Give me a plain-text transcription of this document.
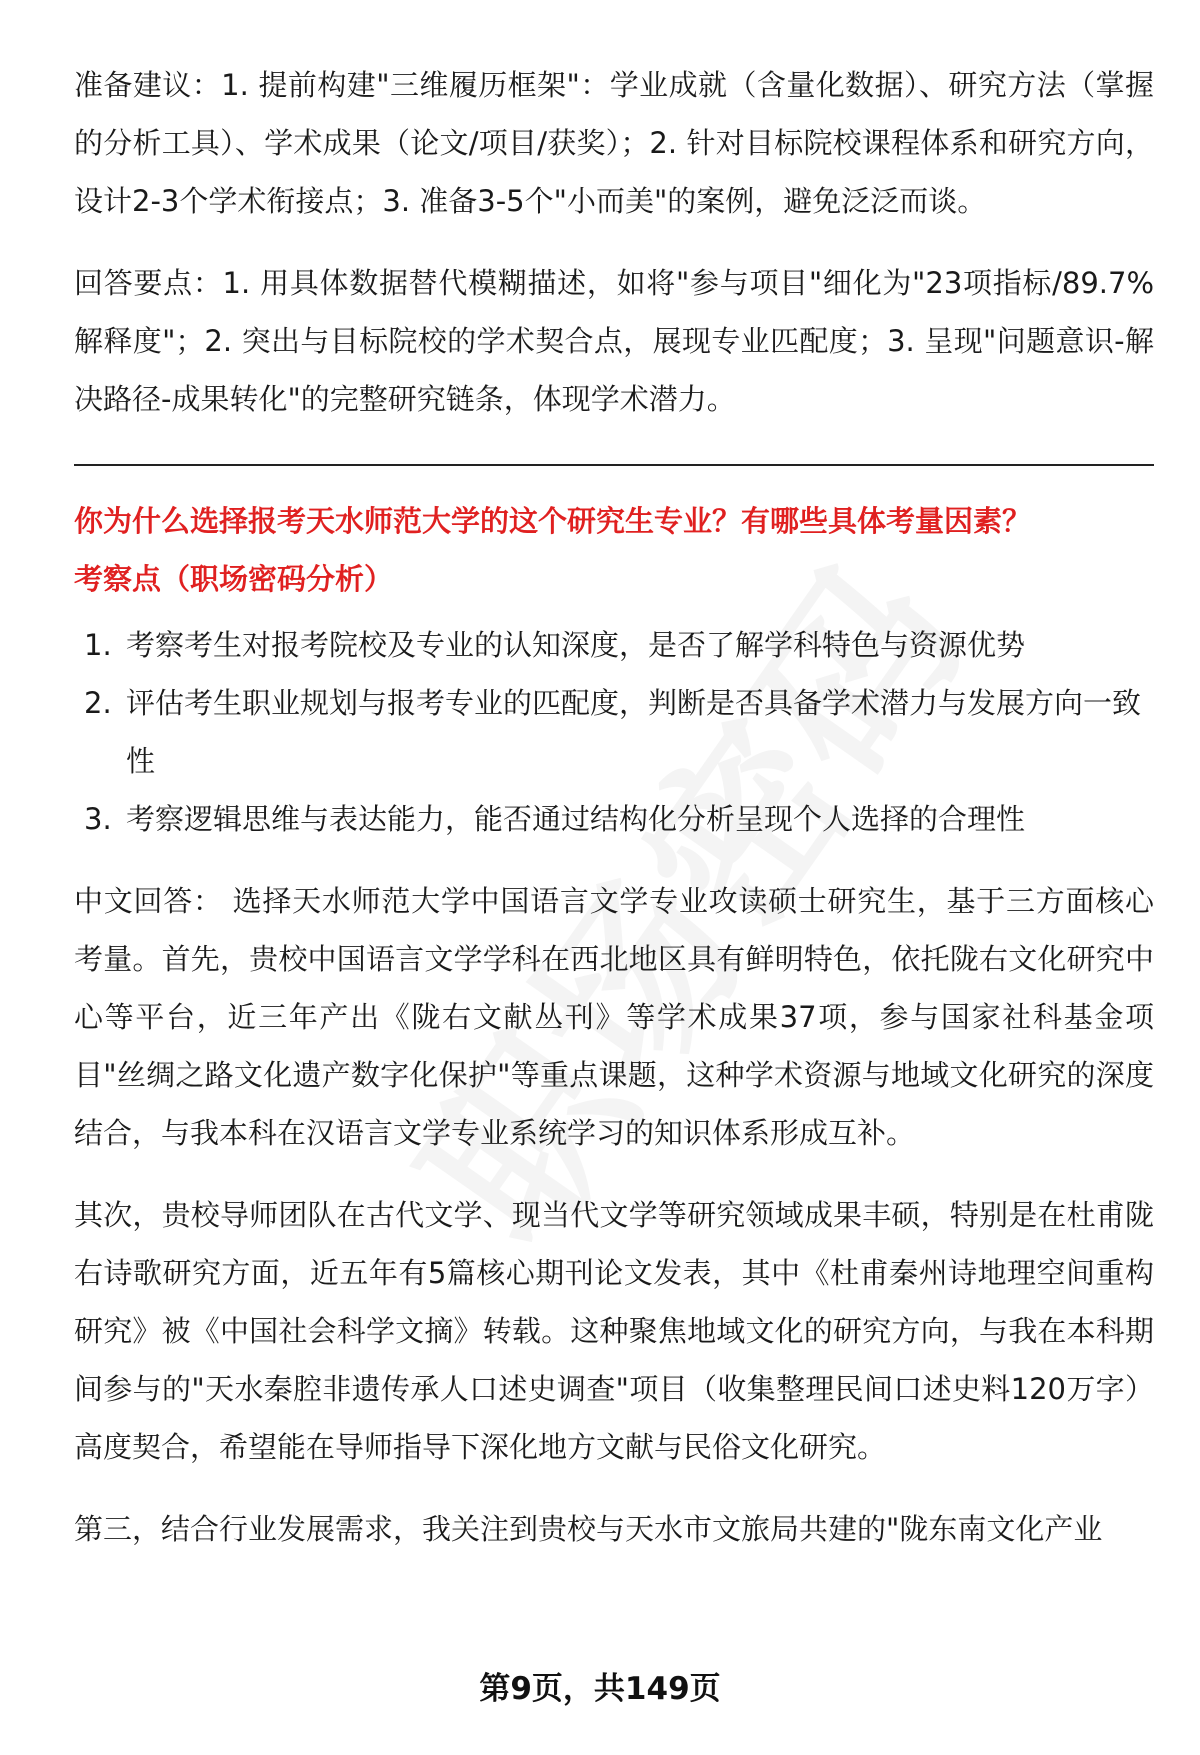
准备建议：1. 提前构建"三维履历框架"：学业成就（含量化数据）、研究方法（掌握的分析工具）、学术成果（论文/项目/获奖）；2. 针对目标院校课程体系和研究方向，设计2-3个学术衔接点；3. 准备3-5个"小而美"的案例，避免泛泛而谈。

回答要点：1. 用具体数据替代模糊描述，如将"参与项目"细化为"23项指标/89.7%解释度"；2. 突出与目标院校的学术契合点，展现专业匹配度；3. 呈现"问题意识-解决路径-成果转化"的完整研究链条，体现学术潜力。

你为什么选择报考天水师范大学的这个研究生专业？有哪些具体考量因素？

考察点（职场密码分析）

1. 考察考生对报考院校及专业的认知深度，是否了解学科特色与资源优势
2. 评估考生职业规划与报考专业的匹配度，判断是否具备学术潜力与发展方向一致性
3. 考察逻辑思维与表达能力，能否通过结构化分析呈现个人选择的合理性

中文回答： 选择天水师范大学中国语言文学专业攻读硕士研究生，基于三方面核心考量。首先，贵校中国语言文学学科在西北地区具有鲜明特色，依托陇右文化研究中心等平台，近三年产出《陇右文献丛刊》等学术成果37项，参与国家社科基金项目"丝绸之路文化遗产数字化保护"等重点课题，这种学术资源与地域文化研究的深度结合，与我本科在汉语言文学专业系统学习的知识体系形成互补。

其次，贵校导师团队在古代文学、现当代文学等研究领域成果丰硕，特别是在杜甫陇右诗歌研究方面，近五年有5篇核心期刊论文发表，其中《杜甫秦州诗地理空间重构研究》被《中国社会科学文摘》转载。这种聚焦地域文化的研究方向，与我在本科期间参与的"天水秦腔非遗传承人口述史调查"项目（收集整理民间口述史料120万字）高度契合，希望能在导师指导下深化地方文献与民俗文化研究。

第三，结合行业发展需求，我关注到贵校与天水市文旅局共建的"陇东南文化产业

第9页，共149页
